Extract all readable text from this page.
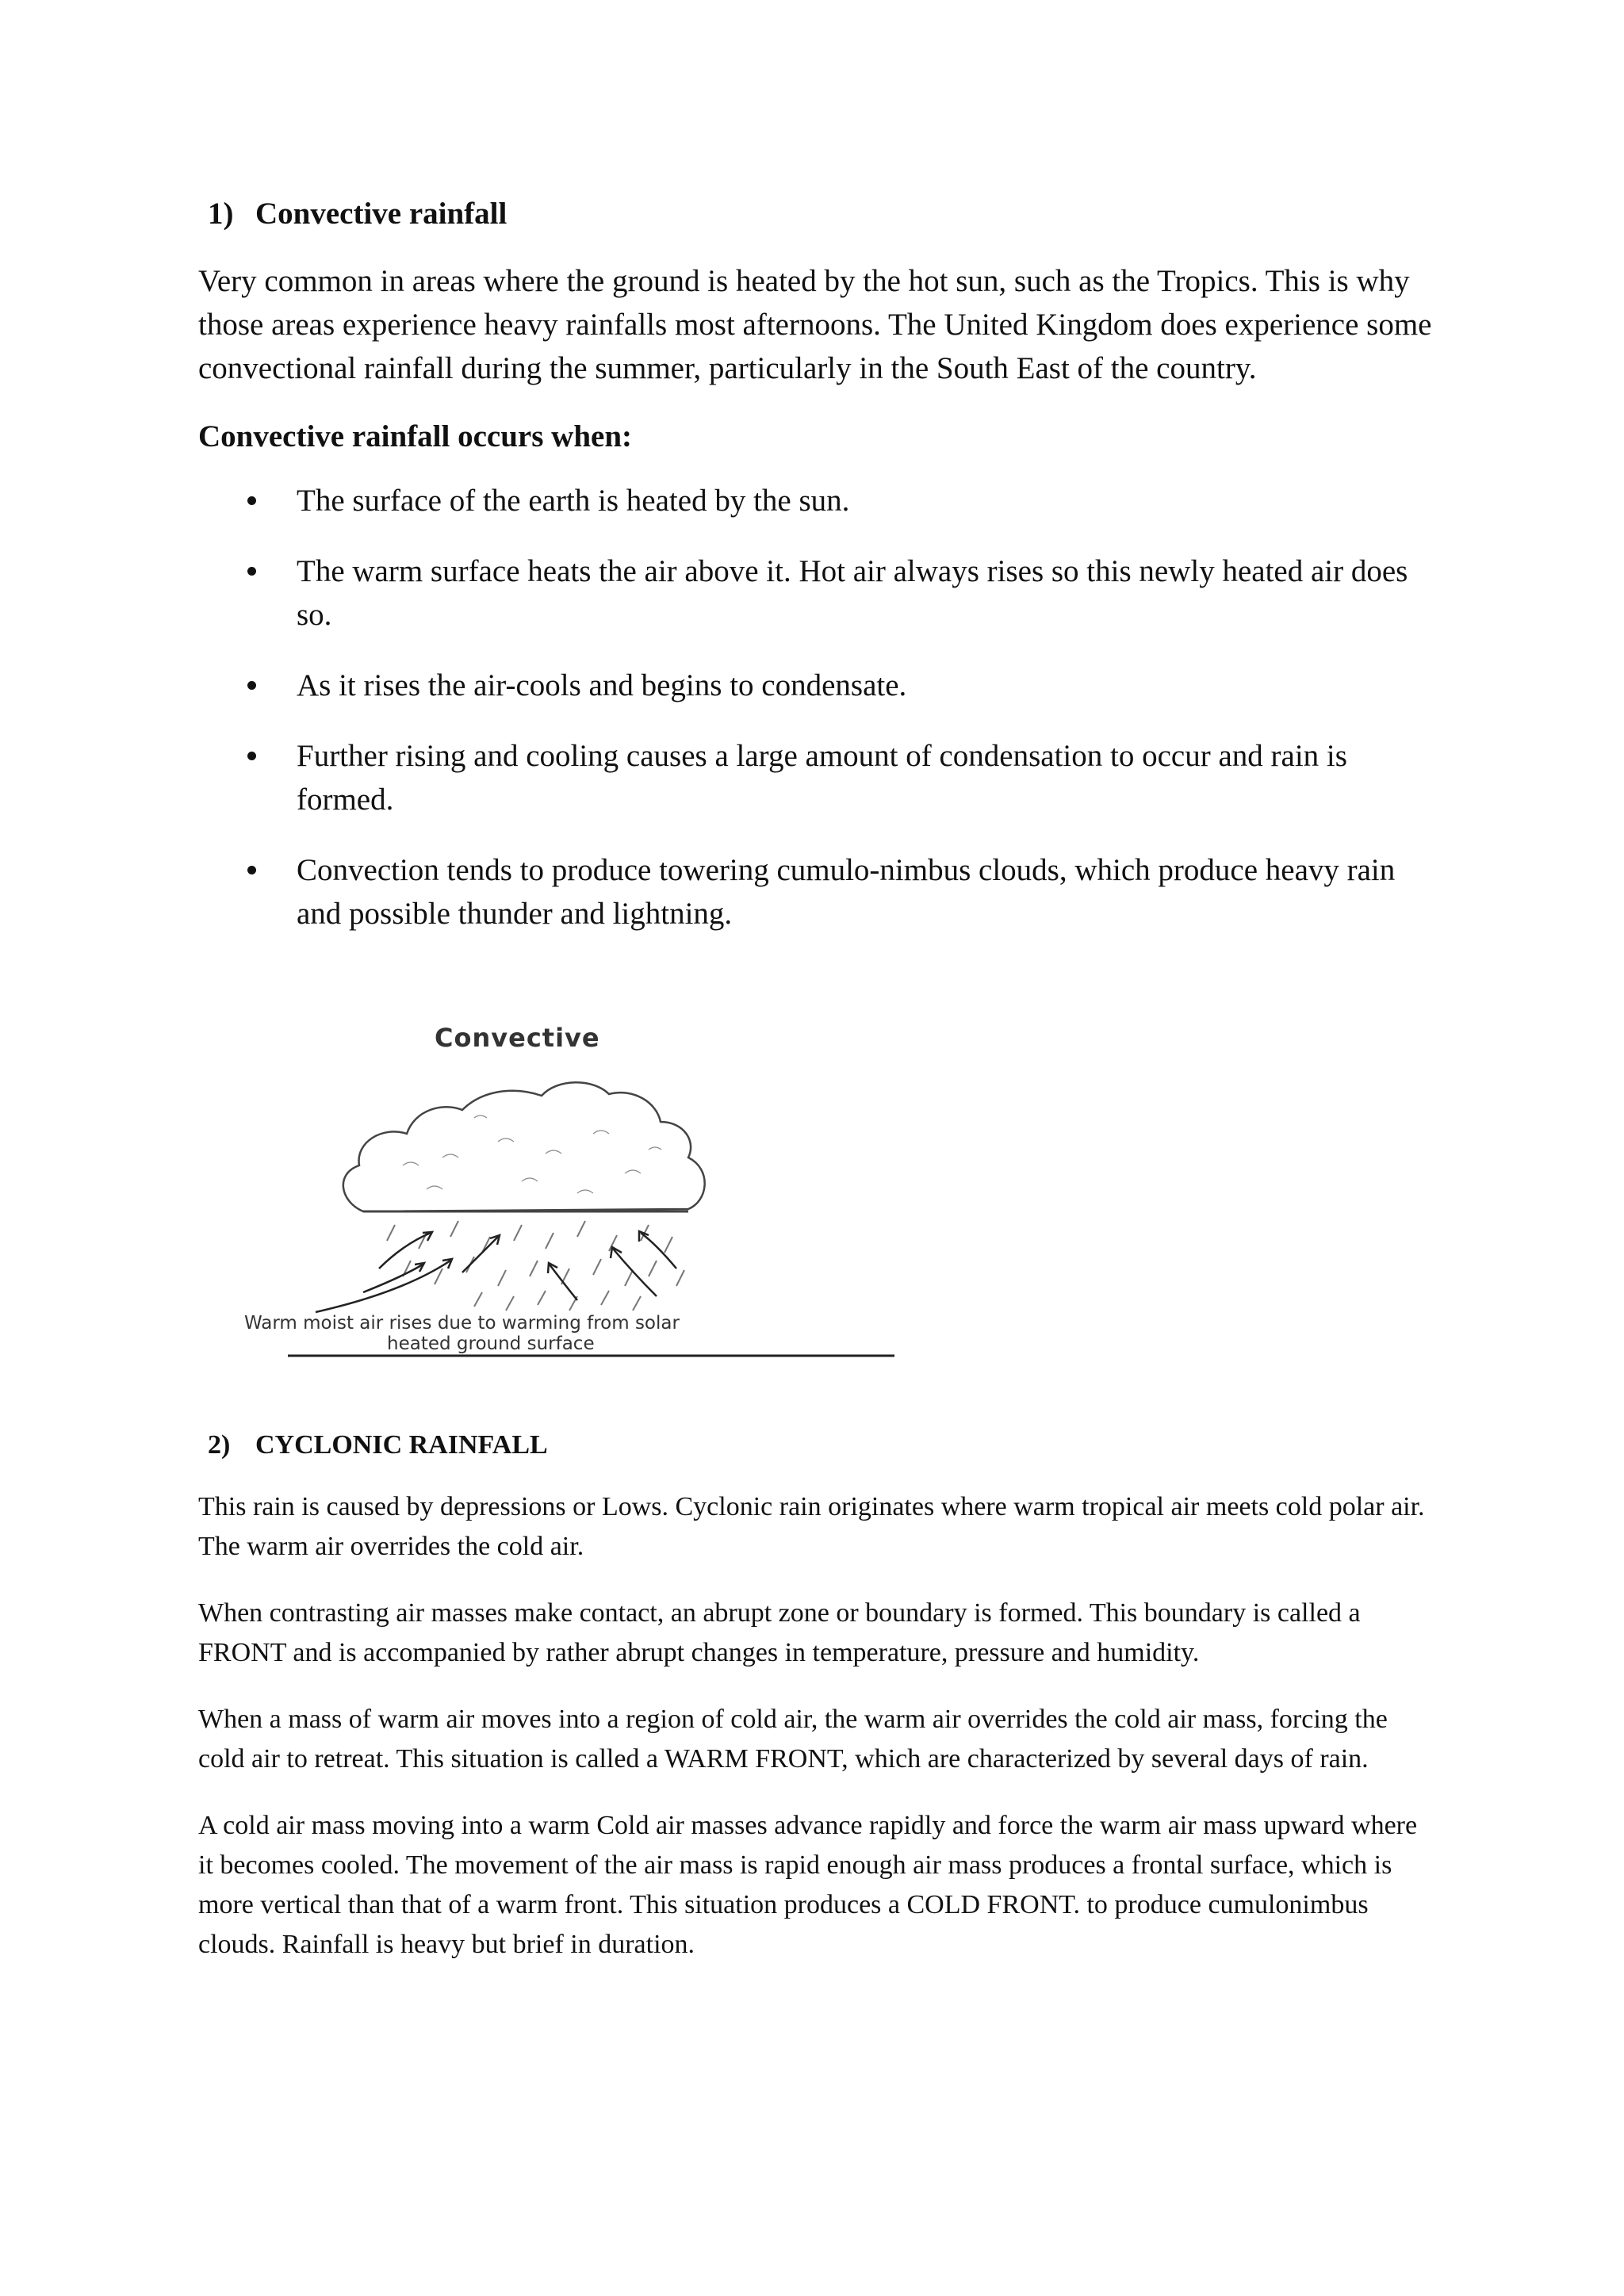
1) Convective rainfall

Very common in areas where the ground is heated by the hot sun, such as the Tropics. This is why those areas experience heavy rainfalls most afternoons. The United Kingdom does experience some convectional rainfall during the summer, particularly in the South East of the country.

Convective rainfall occurs when:

The surface of the earth is heated by the sun.
The warm surface heats the air above it. Hot air always rises so this newly heated air does so.
As it rises the air-cools and begins to condensate.
Further rising and cooling causes a large amount of condensation to occur and rain is formed.
Convection tends to produce towering cumulo-nimbus clouds, which produce heavy rain and possible thunder and lightning.
Convective
Warm moist air rises due to warming from solar
heated ground surface
2) CYCLONIC RAINFALL

This rain is caused by depressions or Lows. Cyclonic rain originates where warm tropical air meets cold polar air. The warm air overrides the cold air.

When contrasting air masses make contact, an abrupt zone or boundary is formed. This boundary is called a FRONT and is accompanied by rather abrupt changes in temperature, pressure and humidity.

When a mass of warm air moves into a region of cold air, the warm air overrides the cold air mass, forcing the cold air to retreat. This situation is called a WARM FRONT, which are characterized by several days of rain.

A cold air mass moving into a warm Cold air masses advance rapidly and force the warm air mass upward where it becomes cooled. The movement of the air mass is rapid enough air mass produces a frontal surface, which is more vertical than that of a warm front. This situation produces a COLD FRONT. to produce cumulonimbus clouds. Rainfall is heavy but brief in duration.
